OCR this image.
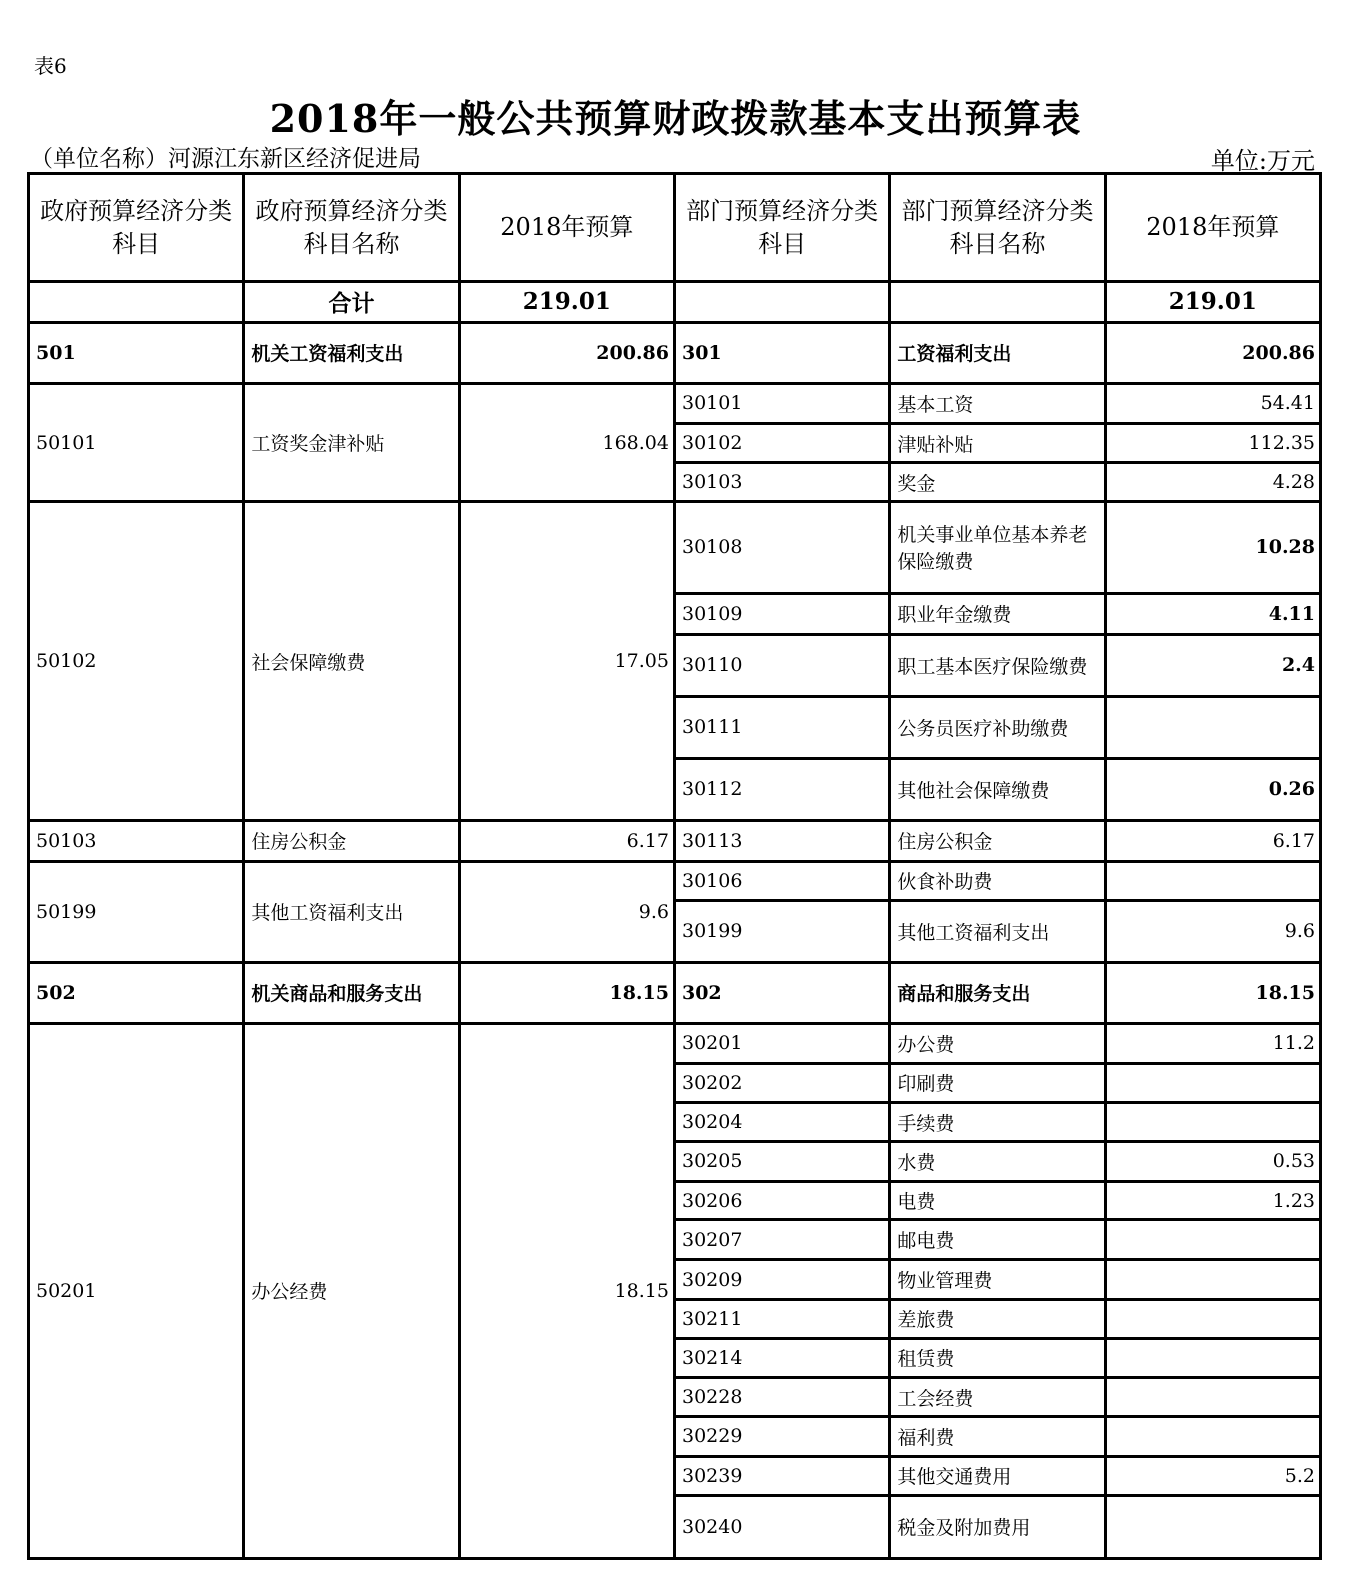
表6
2018年一般公共预算财政拨款基本支出预算表
（单位名称）河源江东新区经济促进局	单位:万元
政府预算经济分类科目	政府预算经济分类科目名称	2018年预算	部门预算经济分类科目	部门预算经济分类科目名称	2018年预算
	合计	219.01			219.01
501	机关工资福利支出	200.86	301	工资福利支出	200.86
50101	工资奖金津补贴	168.04	30101	基本工资	54.41
			30102	津贴补贴	112.35
			30103	奖金	4.28
50102	社会保障缴费	17.05	30108	机关事业单位基本养老保险缴费	10.28
			30109	职业年金缴费	4.11
			30110	职工基本医疗保险缴费	2.4
			30111	公务员医疗补助缴费	
			30112	其他社会保障缴费	0.26
50103	住房公积金	6.17	30113	住房公积金	6.17
50199	其他工资福利支出	9.6	30106	伙食补助费	
			30199	其他工资福利支出	9.6
502	机关商品和服务支出	18.15	302	商品和服务支出	18.15
50201	办公经费	18.15	30201	办公费	11.2
			30202	印刷费	
			30204	手续费	
			30205	水费	0.53
			30206	电费	1.23
			30207	邮电费	
			30209	物业管理费	
			30211	差旅费	
			30214	租赁费	
			30228	工会经费	
			30229	福利费	
			30239	其他交通费用	5.2
			30240	税金及附加费用	
